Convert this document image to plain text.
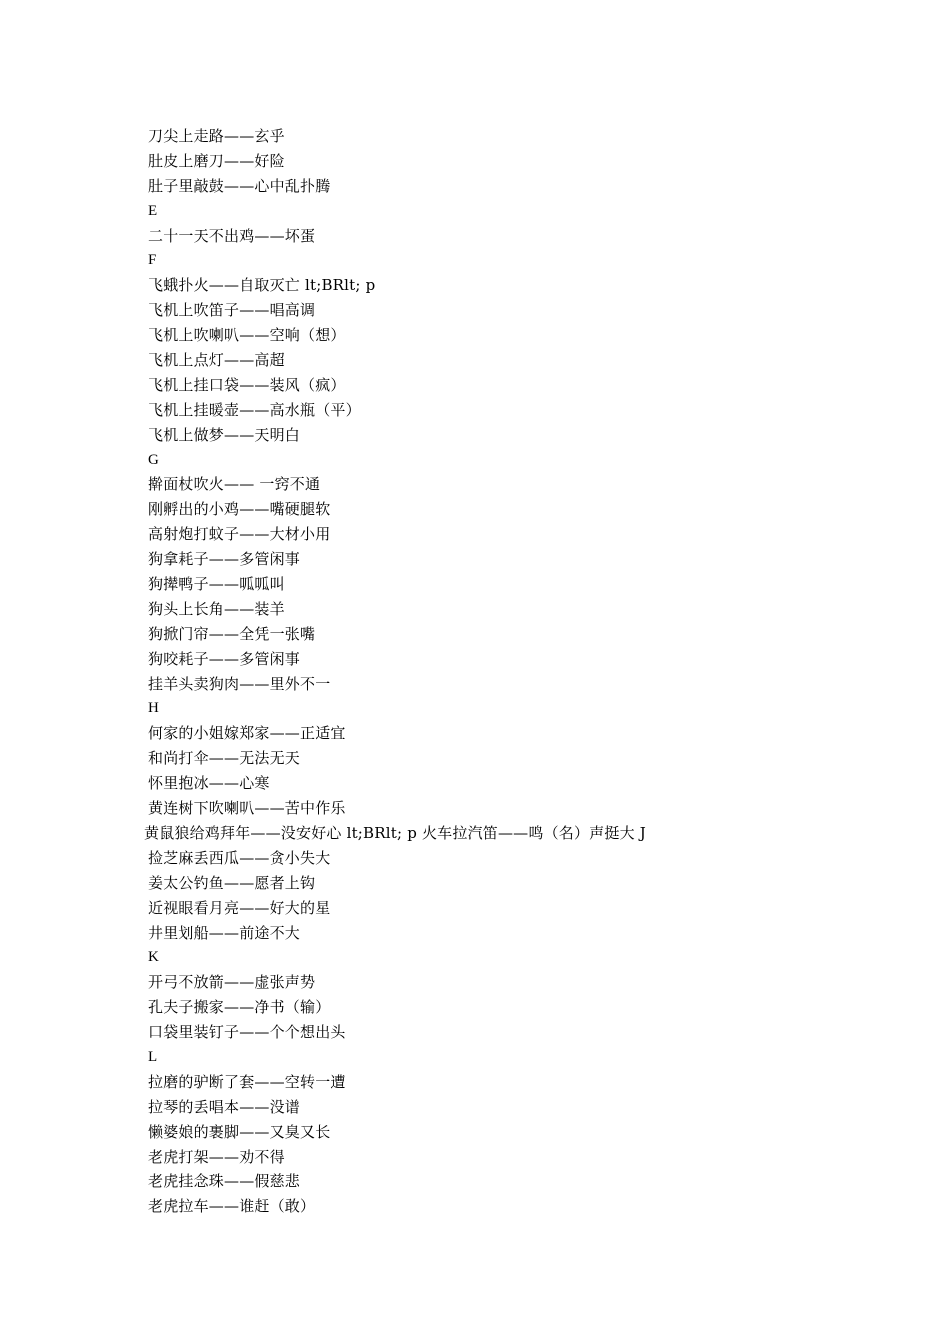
刀尖上走路——玄乎
肚皮上磨刀——好险
肚子里敲鼓——心中乱扑腾
E
二十一天不出鸡——坏蛋
F
飞蛾扑火——自取灭亡 lt;BRlt; p
飞机上吹笛子——唱高调
飞机上吹喇叭——空响（想）
飞机上点灯——高超
飞机上挂口袋——装风（疯）
飞机上挂暖壶——高水瓶（平）
飞机上做梦——天明白
G
擀面杖吹火—— 一窍不通
刚孵出的小鸡——嘴硬腿软
高射炮打蚊子——大材小用
狗拿耗子——多管闲事
狗撵鸭子——呱呱叫
狗头上长角——装羊
狗掀门帘——全凭一张嘴
狗咬耗子——多管闲事
挂羊头卖狗肉——里外不一
H
何家的小姐嫁郑家——正适宜
和尚打伞——无法无天
怀里抱冰——心寒
黄连树下吹喇叭——苦中作乐
黄鼠狼给鸡拜年——没安好心 lt;BRlt; p 火车拉汽笛——鸣（名）声挺大 J
捡芝麻丢西瓜——贪小失大
姜太公钓鱼——愿者上钩
近视眼看月亮——好大的星
井里划船——前途不大
K
开弓不放箭——虚张声势
孔夫子搬家——净书（输）
口袋里装钉子——个个想出头
L
拉磨的驴断了套——空转一遭
拉琴的丢唱本——没谱
懒婆娘的裹脚——又臭又长
老虎打架——劝不得
老虎挂念珠——假慈悲
老虎拉车——谁赶（敢）
